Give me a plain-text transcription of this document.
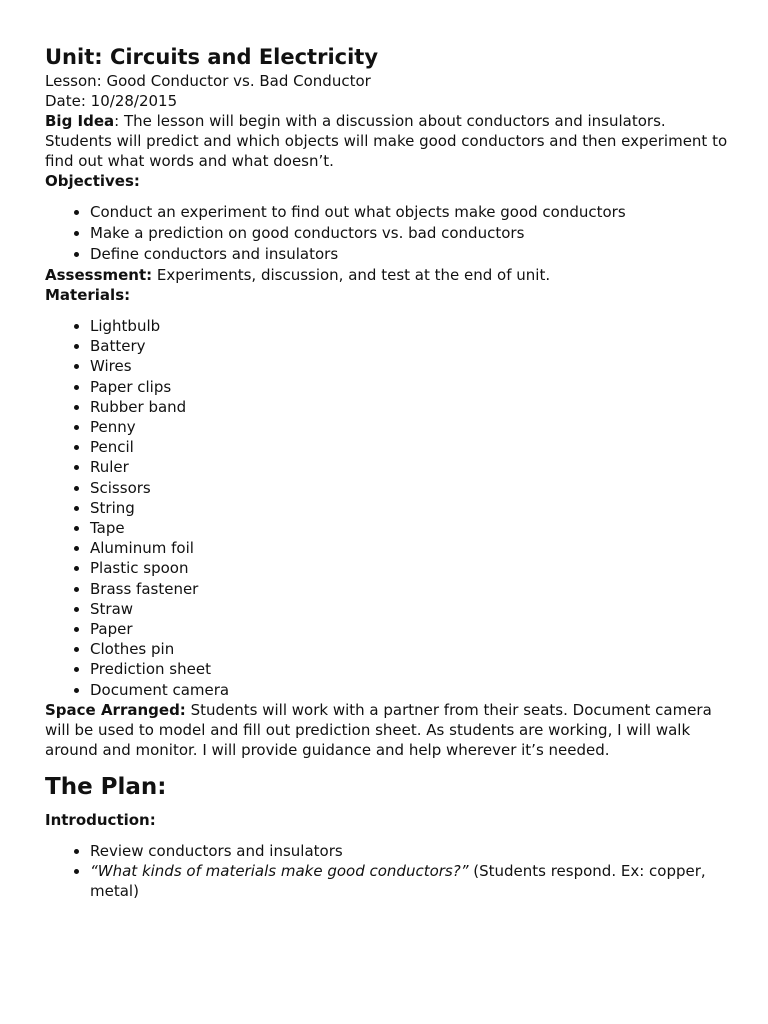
Unit: Circuits and Electricity
Lesson: Good Conductor vs. Bad Conductor
Date: 10/28/2015

Big Idea: The lesson will begin with a discussion about conductors and insulators. Students will predict and which objects will make good conductors and then experiment to find out what words and what doesn’t.

Objectives:
• Conduct an experiment to find out what objects make good conductors
• Make a prediction on good conductors vs. bad conductors
• Define conductors and insulators

Assessment: Experiments, discussion, and test at the end of unit.

Materials:
• Lightbulb
• Battery
• Wires
• Paper clips
• Rubber band
• Penny
• Pencil
• Ruler
• Scissors
• String
• Tape
• Aluminum foil
• Plastic spoon
• Brass fastener
• Straw
• Paper
• Clothes pin
• Prediction sheet
• Document camera

Space Arranged: Students will work with a partner from their seats. Document camera will be used to model and fill out prediction sheet. As students are working, I will walk around and monitor. I will provide guidance and help wherever it’s needed.

The Plan:
Introduction:
• Review conductors and insulators
• “What kinds of materials make good conductors?” (Students respond. Ex: copper, metal)
